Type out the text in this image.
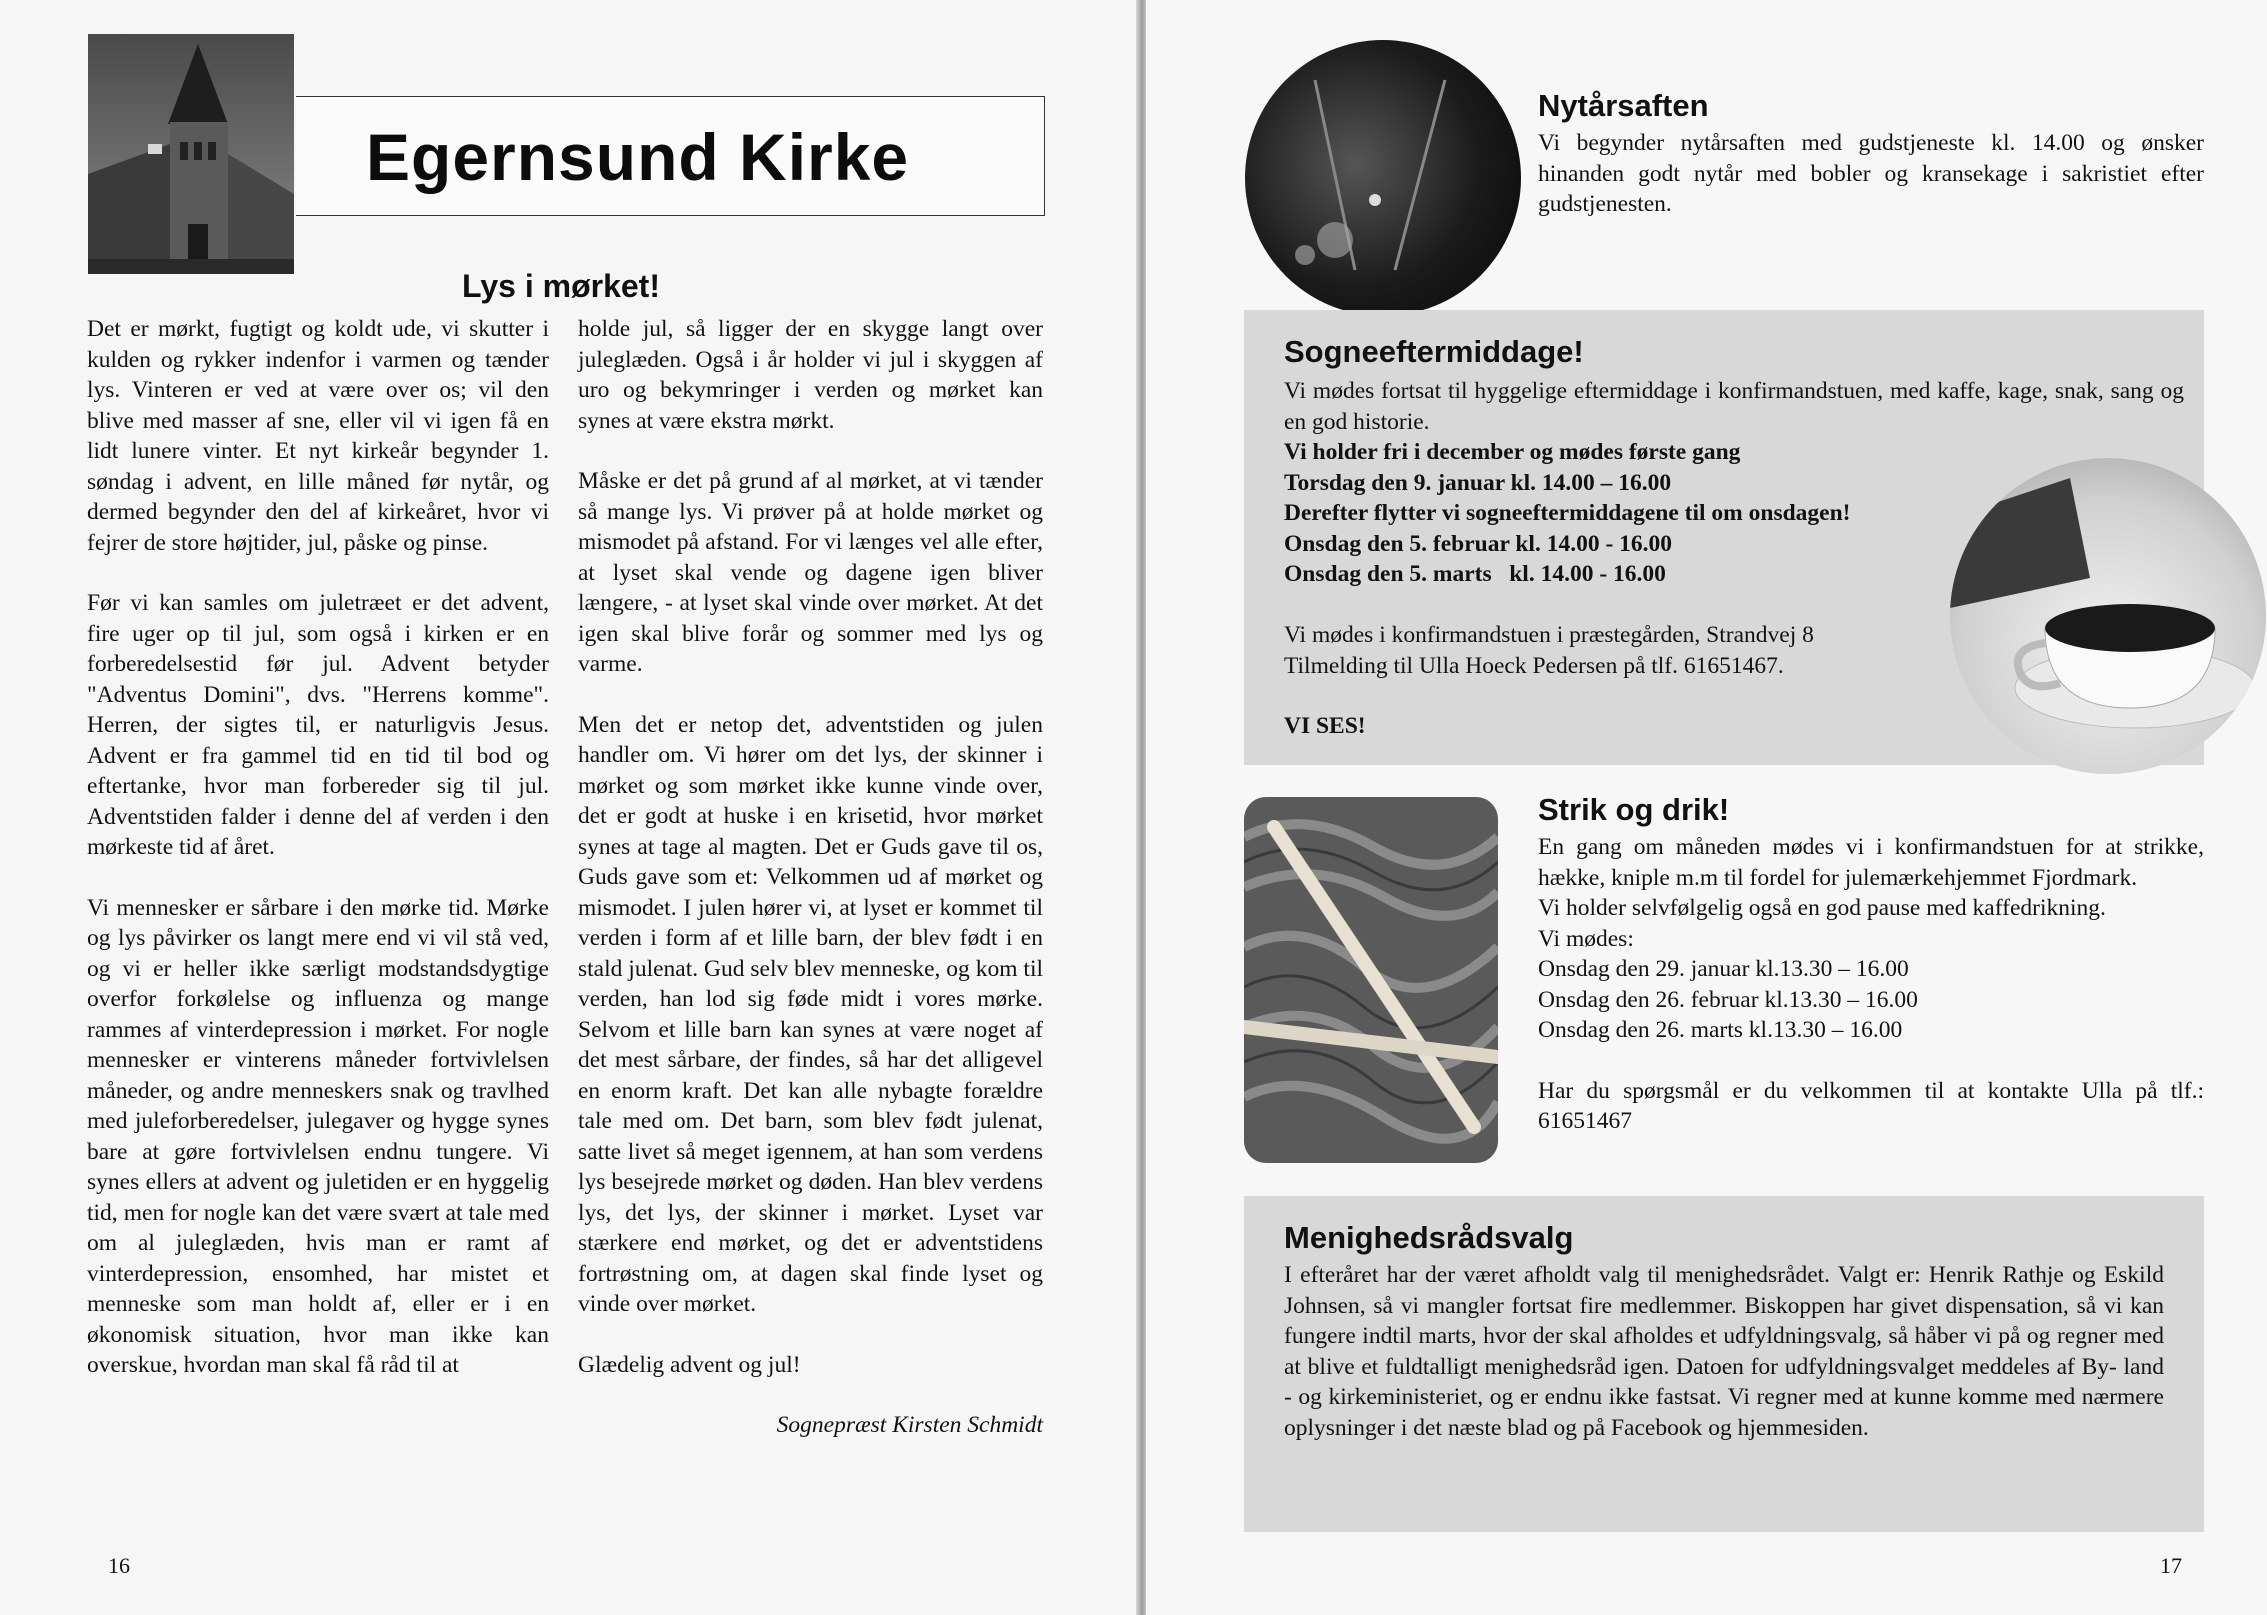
Egernsund Kirke
Lys i mørket!

Det er mørkt, fugtigt og koldt ude, vi skutter i kulden og rykker indenfor i varmen og tænder lys. Vinteren er ved at være over os; vil den blive med masser af sne, eller vil vi igen få en lidt lunere vinter. Et nyt kirkeår begynder 1. søndag i advent, en lille måned før nytår, og dermed begynder den del af kirkeåret, hvor vi fejrer de store højtider, jul, påske og pinse.

Før vi kan samles om juletræet er det advent, fire uger op til jul, som også i kirken er en forberedelsestid før jul. Advent betyder "Adventus Domini", dvs. "Herrens komme". Herren, der sigtes til, er naturligvis Jesus. Advent er fra gammel tid en tid til bod og eftertanke, hvor man forbereder sig til jul. Adventstiden falder i denne del af verden i den mørkeste tid af året.

Vi mennesker er sårbare i den mørke tid. Mørke og lys påvirker os langt mere end vi vil stå ved, og vi er heller ikke særligt modstandsdygtige overfor forkølelse og influenza og mange rammes af vinterdepression i mørket. For nogle mennesker er vinterens måneder fortvivlelsen måneder, og andre menneskers snak og travlhed med juleforberedelser, julegaver og hygge synes bare at gøre fortvivlelsen endnu tungere. Vi synes ellers at advent og juletiden er en hyggelig tid, men for nogle kan det være svært at tale med om al juleglæden, hvis man er ramt af vinterdepression, ensomhed, har mistet et menneske som man holdt af, eller er i en økonomisk situation, hvor man ikke kan overskue, hvordan man skal få råd til at

holde jul, så ligger der en skygge langt over juleglæden. Også i år holder vi jul i skyggen af uro og bekymringer i verden og mørket kan synes at være ekstra mørkt.

Måske er det på grund af al mørket, at vi tænder så mange lys. Vi prøver på at holde mørket og mismodet på afstand. For vi længes vel alle efter, at lyset skal vende og dagene igen bliver længere, - at lyset skal vinde over mørket. At det igen skal blive forår og sommer med lys og varme.

Men det er netop det, adventstiden og julen handler om. Vi hører om det lys, der skinner i mørket og som mørket ikke kunne vinde over, det er godt at huske i en krisetid, hvor mørket synes at tage al magten. Det er Guds gave til os, Guds gave som et: Velkommen ud af mørket og mismodet. I julen hører vi, at lyset er kommet til verden i form af et lille barn, der blev født i en stald julenat. Gud selv blev menneske, og kom til verden, han lod sig føde midt i vores mørke. Selvom et lille barn kan synes at være noget af det mest sårbare, der findes, så har det alligevel en enorm kraft. Det kan alle nybagte forældre tale med om. Det barn, som blev født julenat, satte livet så meget igennem, at han som verdens lys besejrede mørket og døden. Han blev verdens lys, det lys, der skinner i mørket. Lyset var stærkere end mørket, og det er adventstidens fortrøstning om, at dagen skal finde lyset og vinde over mørket.

Glædelig advent og jul!

Sognepræst Kirsten Schmidt

16
Nytårsaften
Vi begynder nytårsaften med gudstjeneste kl. 14.00 og ønsker hinanden godt nytår med bobler og kransekage i sakristiet efter gudstjenesten.
Sogneeftermiddage!
Vi mødes fortsat til hyggelige eftermiddage i konfirmandstuen, med kaffe, kage, snak, sang og en god historie.
Vi holder fri i december og mødes første gang
Torsdag den 9. januar kl. 14.00 – 16.00
Derefter flytter vi sogneeftermiddagene til om onsdagen!
Onsdag den 5. februar kl. 14.00 - 16.00
Onsdag den 5. marts   kl. 14.00 - 16.00
Vi mødes i konfirmandstuen i præstegården, Strandvej 8
Tilmelding til Ulla Hoeck Pedersen på tlf. 61651467.
VI SES!
Strik og drik!
En gang om måneden mødes vi i konfirmandstuen for at strikke, hække, kniple m.m til fordel for julemærkehjemmet Fjordmark.
Vi holder selvfølgelig også en god pause med kaffedrikning.
Vi mødes:
Onsdag den 29. januar kl.13.30 – 16.00
Onsdag den 26. februar kl.13.30 – 16.00
Onsdag den 26. marts kl.13.30 – 16.00
Har du spørgsmål er du velkommen til at kontakte Ulla på tlf.: 61651467
Menighedsrådsvalg
I efteråret har der været afholdt valg til menighedsrådet. Valgt er: Henrik Rathje og Eskild Johnsen, så vi mangler fortsat fire medlemmer. Biskoppen har givet dispensation, så vi kan fungere indtil marts, hvor der skal afholdes et udfyldningsvalg, så håber vi på og regner med at blive et fuldtalligt menighedsråd igen. Datoen for udfyldningsvalget meddeles af By- land - og kirkeministeriet, og er endnu ikke fastsat. Vi regner med at kunne komme med nærmere oplysninger i det næste blad og på Facebook og hjemmesiden.
17
